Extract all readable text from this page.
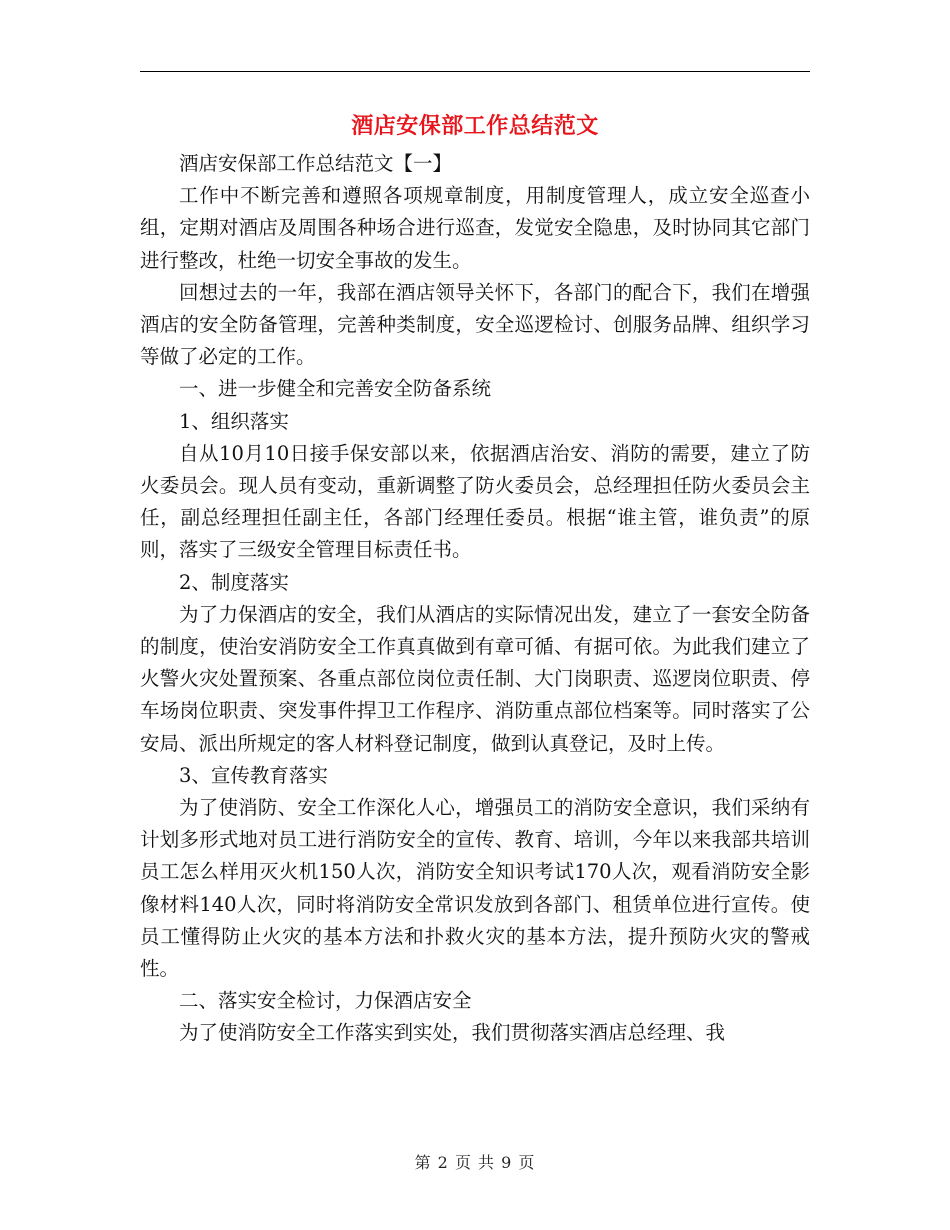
酒店安保部工作总结范文

酒店安保部工作总结范文【一】

工作中不断完善和遵照各项规章制度，用制度管理人，成立安全巡查小组，定期对酒店及周围各种场合进行巡查，发觉安全隐患，及时协同其它部门进行整改，杜绝一切安全事故的发生。

回想过去的一年，我部在酒店领导关怀下，各部门的配合下，我们在增强酒店的安全防备管理，完善种类制度，安全巡逻检讨、创服务品牌、组织学习等做了必定的工作。

一、进一步健全和完善安全防备系统

1、组织落实

自从10月10日接手保安部以来，依据酒店治安、消防的需要，建立了防火委员会。现人员有变动，重新调整了防火委员会，总经理担任防火委员会主任，副总经理担任副主任，各部门经理任委员。根据“谁主管，谁负责”的原则，落实了三级安全管理目标责任书。

2、制度落实

为了力保酒店的安全，我们从酒店的实际情况出发，建立了一套安全防备的制度，使治安消防安全工作真真做到有章可循、有据可依。为此我们建立了火警火灾处置预案、各重点部位岗位责任制、大门岗职责、巡逻岗位职责、停车场岗位职责、突发事件捍卫工作程序、消防重点部位档案等。同时落实了公安局、派出所规定的客人材料登记制度，做到认真登记，及时上传。

3、宣传教育落实

为了使消防、安全工作深化人心，增强员工的消防安全意识，我们采纳有计划多形式地对员工进行消防安全的宣传、教育、培训，今年以来我部共培训员工怎么样用灭火机150人次，消防安全知识考试170人次，观看消防安全影像材料140人次，同时将消防安全常识发放到各部门、租赁单位进行宣传。使员工懂得防止火灾的基本方法和扑救火灾的基本方法，提升预防火灾的警戒性。

二、落实安全检讨，力保酒店安全

为了使消防安全工作落实到实处，我们贯彻落实酒店总经理、我

第 2 页 共 9 页
